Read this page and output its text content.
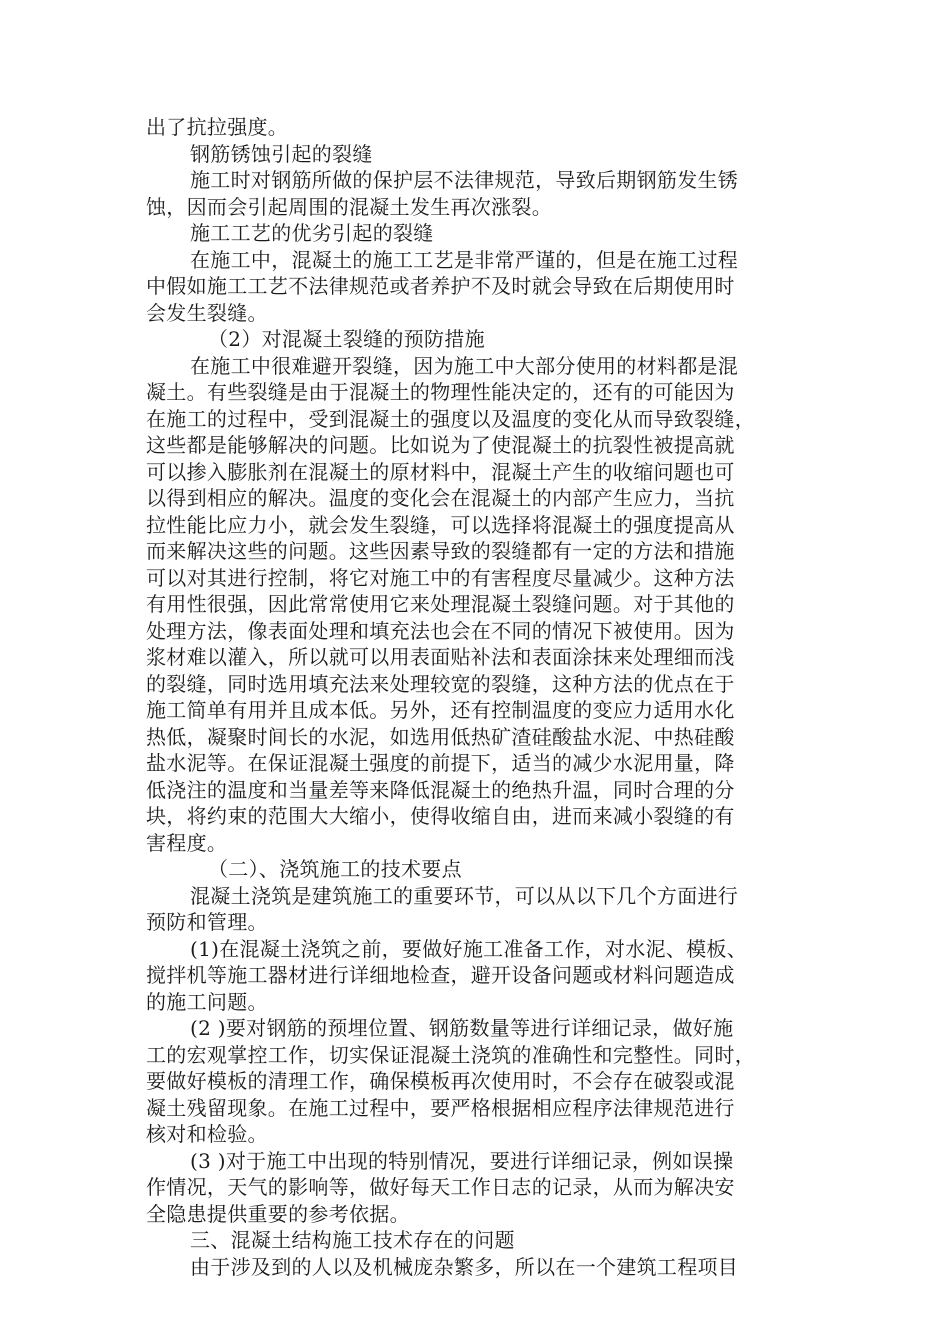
出了抗拉强度。
钢筋锈蚀引起的裂缝
施工时对钢筋所做的保护层不法律规范，导致后期钢筋发生锈
蚀，因而会引起周围的混凝土发生再次涨裂。
施工工艺的优劣引起的裂缝
在施工中，混凝土的施工工艺是非常严谨的，但是在施工过程
中假如施工工艺不法律规范或者养护不及时就会导致在后期使用时
会发生裂缝。
（2）对混凝土裂缝的预防措施
在施工中很难避开裂缝，因为施工中大部分使用的材料都是混
凝土。有些裂缝是由于混凝土的物理性能决定的，还有的可能因为
在施工的过程中，受到混凝土的强度以及温度的变化从而导致裂缝，
这些都是能够解决的问题。比如说为了使混凝土的抗裂性被提高就
可以掺入膨胀剂在混凝土的原材料中，混凝土产生的收缩问题也可
以得到相应的解决。温度的变化会在混凝土的内部产生应力，当抗
拉性能比应力小，就会发生裂缝，可以选择将混凝土的强度提高从
而来解决这些的问题。这些因素导致的裂缝都有一定的方法和措施
可以对其进行控制，将它对施工中的有害程度尽量减少。这种方法
有用性很强，因此常常使用它来处理混凝土裂缝问题。对于其他的
处理方法，像表面处理和填充法也会在不同的情况下被使用。因为
浆材难以灌入，所以就可以用表面贴补法和表面涂抹来处理细而浅
的裂缝，同时选用填充法来处理较宽的裂缝，这种方法的优点在于
施工简单有用并且成本低。另外，还有控制温度的变应力适用水化
热低，凝聚时间长的水泥，如选用低热矿渣硅酸盐水泥、中热硅酸
盐水泥等。在保证混凝土强度的前提下，适当的减少水泥用量，降
低浇注的温度和当量差等来降低混凝土的绝热升温，同时合理的分
块，将约束的范围大大缩小，使得收缩自由，进而来减小裂缝的有
害程度。
（二）、浇筑施工的技术要点
混凝土浇筑是建筑施工的重要环节，可以从以下几个方面进行
预防和管理。
(1)在混凝土浇筑之前，要做好施工准备工作，对水泥、模板、
搅拌机等施工器材进行详细地检查，避开设备问题或材料问题造成
的施工问题。
(2 )要对钢筋的预埋位置、钢筋数量等进行详细记录，做好施
工的宏观掌控工作，切实保证混凝土浇筑的准确性和完整性。同时，
要做好模板的清理工作，确保模板再次使用时，不会存在破裂或混
凝土残留现象。在施工过程中，要严格根据相应程序法律规范进行
核对和检验。
(3 )对于施工中出现的特别情况，要进行详细记录，例如误操
作情况，天气的影响等，做好每天工作日志的记录，从而为解决安
全隐患提供重要的参考依据。
三、混凝土结构施工技术存在的问题
由于涉及到的人以及机械庞杂繁多，所以在一个建筑工程项目
